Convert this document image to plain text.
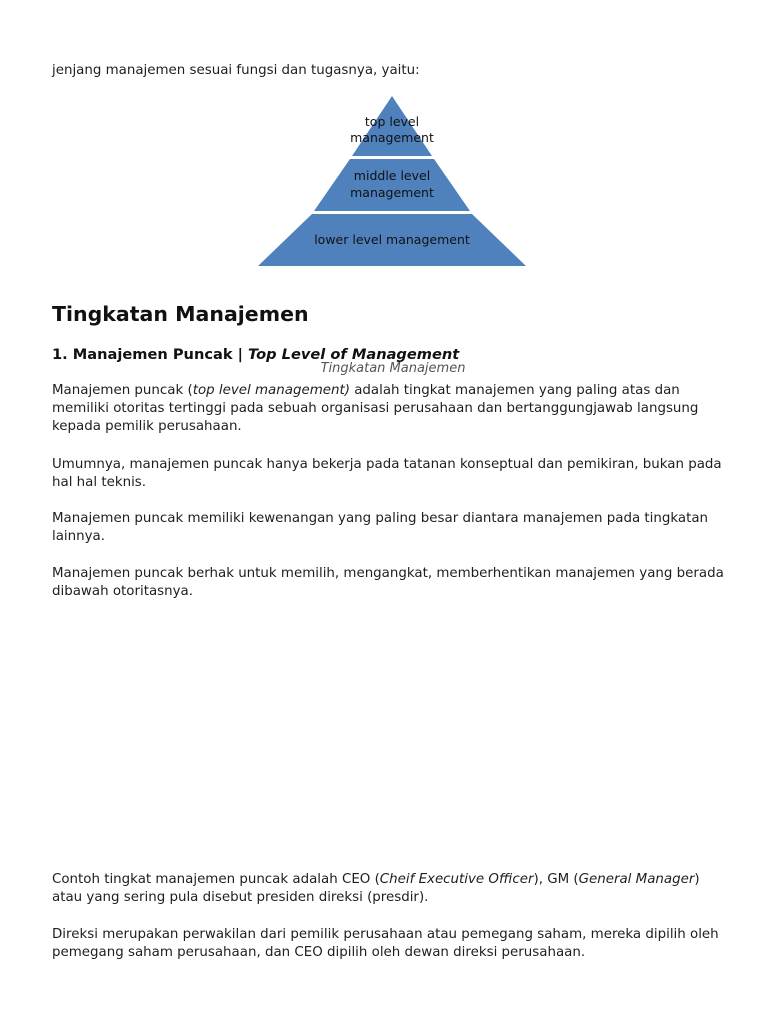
jenjang manajemen sesuai fungsi dan tugasnya, yaitu:

top level
management
middle level
management
lower level management
Tingkatan Manajemen
Tingkatan Manajemen
1. Manajemen Puncak | Top Level of Management

Manajemen puncak (top level management) adalah tingkat manajemen yang paling atas dan memiliki otoritas tertinggi pada sebuah organisasi perusahaan dan bertanggungjawab langsung kepada pemilik perusahaan.

Umumnya, manajemen puncak hanya bekerja pada tatanan konseptual dan pemikiran, bukan pada hal hal teknis.

Manajemen puncak memiliki kewenangan yang paling besar diantara manajemen pada tingkatan lainnya.

Manajemen puncak berhak untuk memilih, mengangkat, memberhentikan manajemen yang berada dibawah otoritasnya.

Contoh tingkat manajemen puncak adalah CEO (Cheif Executive Officer), GM (General Manager) atau yang sering pula disebut presiden direksi (presdir).

Direksi merupakan perwakilan dari pemilik perusahaan atau pemegang saham, mereka dipilih oleh pemegang saham perusahaan, dan CEO dipilih oleh dewan direksi perusahaan.
